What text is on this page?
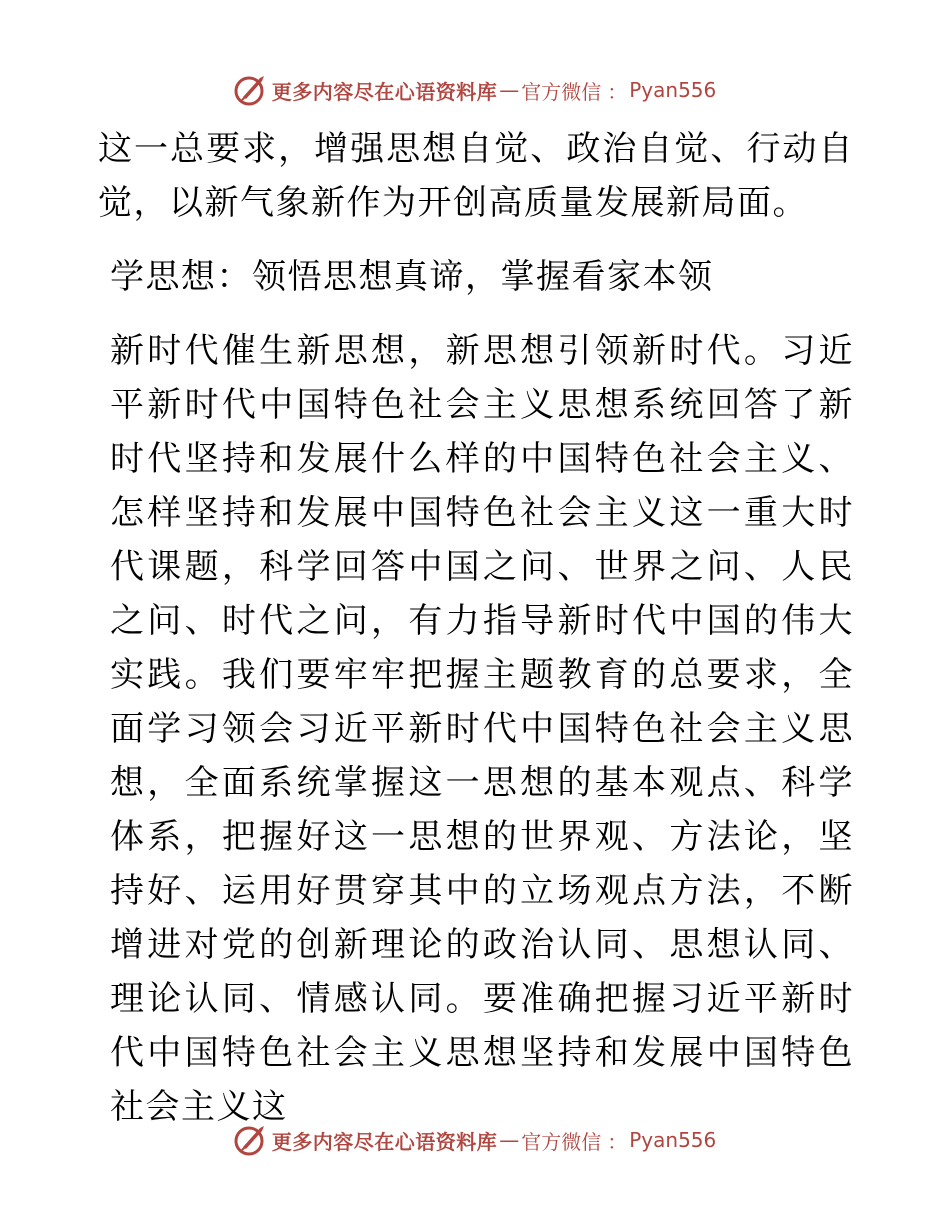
更多内容尽在心语资料库 — 官方微信 ： Pyan556

这一总要求，增强思想自觉、政治自觉、行动自觉，以新气象新作为开创高质量发展新局面。

学思想：领悟思想真谛，掌握看家本领

新时代催生新思想，新思想引领新时代。习近平新时代中国特色社会主义思想系统回答了新时代坚持和发展什么样的中国特色社会主义、怎样坚持和发展中国特色社会主义这一重大时代课题，科学回答中国之问、世界之问、人民之问、时代之问，有力指导新时代中国的伟大实践。我们要牢牢把握主题教育的总要求，全面学习领会习近平新时代中国特色社会主义思想，全面系统掌握这一思想的基本观点、科学体系，把握好这一思想的世界观、方法论，坚持好、运用好贯穿其中的立场观点方法，不断增进对党的创新理论的政治认同、思想认同、理论认同、情感认同。要准确把握习近平新时代中国特色社会主义思想坚持和发展中国特色社会主义这

更多内容尽在心语资料库 — 官方微信 ： Pyan556
